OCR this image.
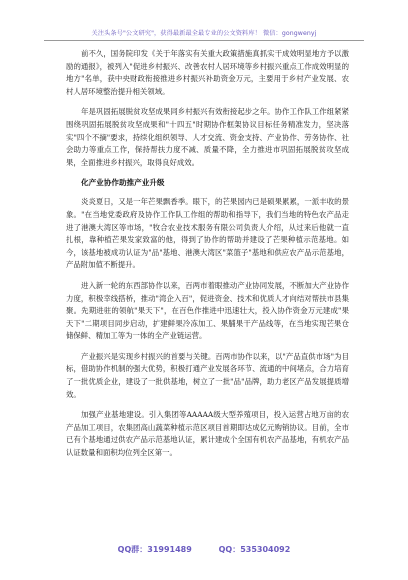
关注头条号"公文研究"，获得最新最全最专业的公文资料库！ 微信：gongwenyj

前不久，国务院印发《关于年落实有关重大政策措施真抓实干成效明显地方予以激励的通报》，被列入"促进乡村振兴、改善农村人居环境等乡村振兴重点工作成效明显的地方"名单，获中央财政衔接推进乡村振兴补助资金万元，主要用于乡村产业发展、农村人居环境整治提升相关领域。

年是巩固拓展脱贫攻坚成果同乡村振兴有效衔接起步之年。协作工作队工作组紧紧围绕巩固拓展脱贫攻坚成果和"十四五"时期协作框架协议目标任务精准发力，坚决落实"四个不摘"要求，持续化组织领导、人才交流、资金支持、产业协作、劳务协作、社会助力等重点工作，保持帮扶力度不减、质量不降，全力推进市巩固拓展脱贫攻坚成果，全面推进乡村振兴，取得良好成效。

化产业协作助推产业升级

炎炎夏日，又是一年芒果飘香季。眼下，的芒果园内已是硕果累累，一派丰收的景象。"在当地党委政府及协作工作队工作组的帮助和指导下，我们当地的特色农产品走进了港澳大湾区等市场，"牧合农业技术服务有限公司负责人介绍，从过来后他就一直扎根，靠种植芒果发家致富的他，得到了协作的帮助并建设了芒果种植示范基地。如今，该基地被成功认证为"品"基地、港澳大湾区"菜篮子"基地和供应农产品示范基地，产品附加值不断提升。

进入新一轮的东西部协作以来，百两市着眼推动产业协同发展，不断加大产业协作力度，积极幸线搭桥，推动"湾企入百"，促进资金、技术和优质人才向结对帮扶市县集聚。先期进驻的领航"果天下"，在百色作推进中迅速壮大，投入协作资金万元建成"果天下"二期项目同步启动，扩建鲜果冷冻加工、果脯果干产品线等，在当地实现芒果仓储保鲜、精加工等为一体的全产业链运营。

产业振兴是实现乡村振兴的首要与关键。百两市协作以来，以"产品直供市场"为目标，借助协作机制的强大优势，积极打通产业发展各环节、流通的中间堵点，合力培育了一批优质企业，建设了一批供基地，树立了一批"品"品牌，助力老区产品发展提质增效。

加强产业基地建设。引入集团等AAAAA级大型养殖项目，投入运营占地万亩的农产品加工项目，农集团高山蔬菜种植示范区项目首期即达成亿元购销协议。目前，全市已有个基地通过供农产品示范基地认证，累计建成个全国有机农产品基地，有机农产品认证数量和面积均位列全区第一。

QQ群：31991489	QQ：535304092
